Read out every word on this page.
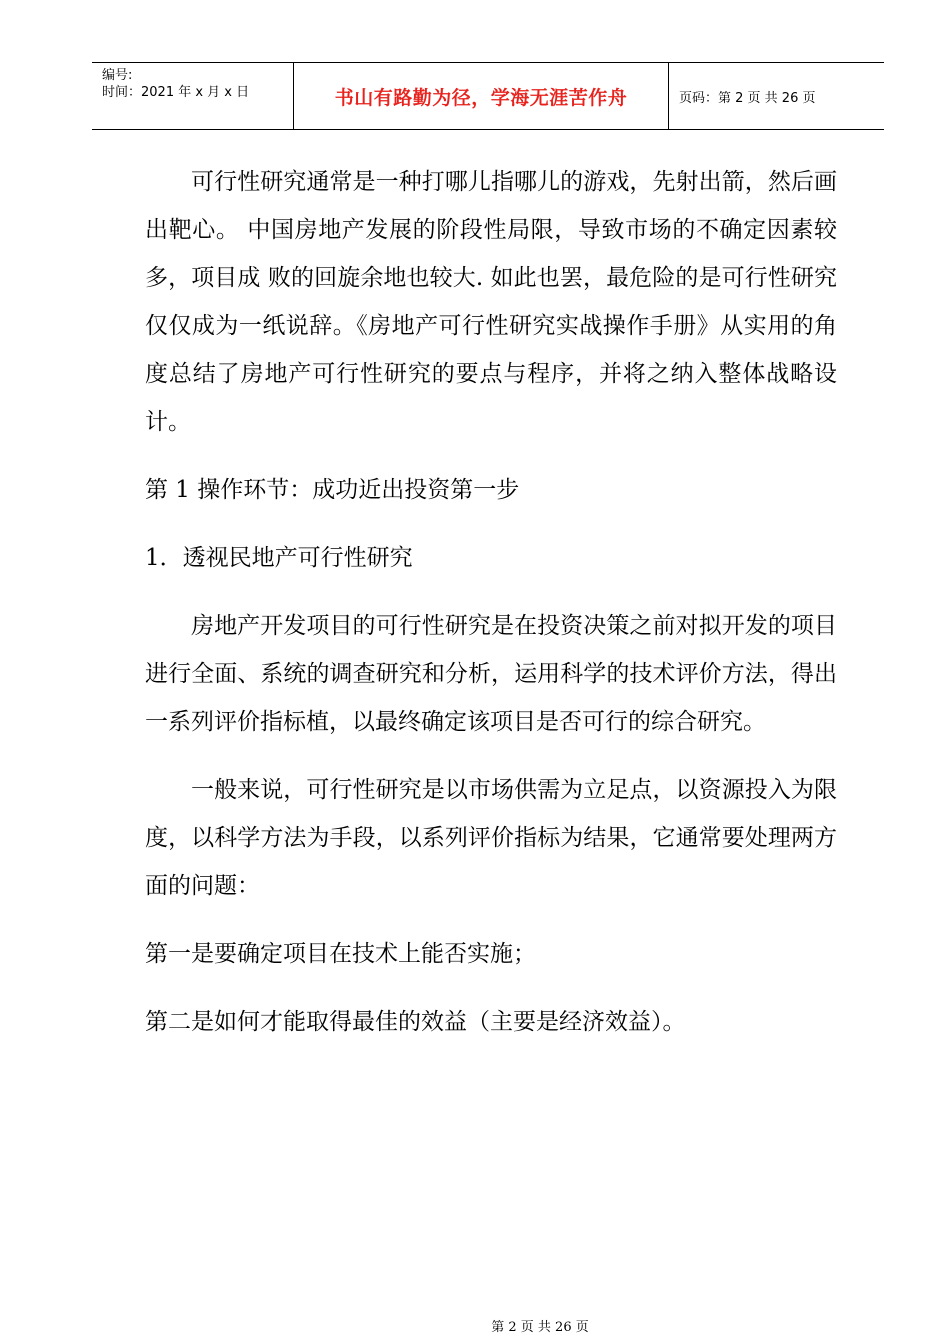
编号:
时间：2021 年 x 月 x 日	书山有路勤为径，学海无涯苦作舟	页码：第 2 页 共 26 页

可行性研究通常是一种打哪儿指哪儿的游戏，先射出箭，然后画出靶心。 中国房地产发展的阶段性局限，导致市场的不确定因素较多，项目成 败的回旋余地也较大. 如此也罢，最危险的是可行性研究仅仅成为一纸说辞。《房地产可行性研究实战操作手册》从实用的角度总结了房地产可行性研究的要点与程序，并将之纳入整体战略设计。

第 1 操作环节：成功近出投资第一步

1．透视民地产可行性研究

房地产开发项目的可行性研究是在投资决策之前对拟开发的项目进行全面、系统的调查研究和分析，运用科学的技术评价方法，得出一系列评价指标植，以最终确定该项目是否可行的综合研究。

一般来说，可行性研究是以市场供需为立足点，以资源投入为限度，以科学方法为手段，以系列评价指标为结果，它通常要处理两方面的问题：

第一是要确定项目在技术上能否实施；

第二是如何才能取得最佳的效益（主要是经济效益）。

第 2 页 共 26 页
